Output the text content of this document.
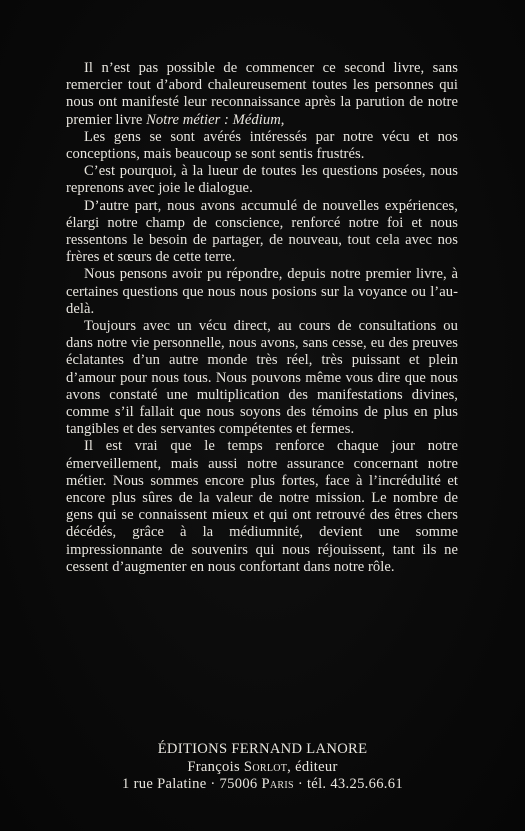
Il n’est pas possible de commencer ce second livre, sans remercier tout d’abord chaleureusement toutes les personnes qui nous ont manifesté leur reconnaissance après la parution de notre premier livre Notre métier : Médium,

Les gens se sont avérés intéressés par notre vécu et nos conceptions, mais beaucoup se sont sentis frustrés.

C’est pourquoi, à la lueur de toutes les questions posées, nous reprenons avec joie le dialogue.

D’autre part, nous avons accumulé de nouvelles expériences, élargi notre champ de conscience, renforcé notre foi et nous ressentons le besoin de partager, de nouveau, tout cela avec nos frères et sœurs de cette terre.

Nous pensons avoir pu répondre, depuis notre premier livre, à certaines questions que nous nous posions sur la voyance ou l’au-delà.

Toujours avec un vécu direct, au cours de consultations ou dans notre vie personnelle, nous avons, sans cesse, eu des preuves éclatantes d’un autre monde très réel, très puissant et plein d’amour pour nous tous. Nous pouvons même vous dire que nous avons constaté une multiplication des manifestations divines, comme s’il fallait que nous soyons des témoins de plus en plus tangibles et des servantes compétentes et fermes.

Il est vrai que le temps renforce chaque jour notre émerveillement, mais aussi notre assurance concernant notre métier. Nous sommes encore plus fortes, face à l’incrédulité et encore plus sûres de la valeur de notre mission. Le nombre de gens qui se connaissent mieux et qui ont retrouvé des êtres chers décédés, grâce à la médiumnité, devient une somme impressionnante de souvenirs qui nous réjouissent, tant ils ne cessent d’augmenter en nous confortant dans notre rôle.

ÉDITIONS FERNAND LANORE
François Sorlot, éditeur
1 rue Palatine · 75006 Paris · tél. 43.25.66.61
